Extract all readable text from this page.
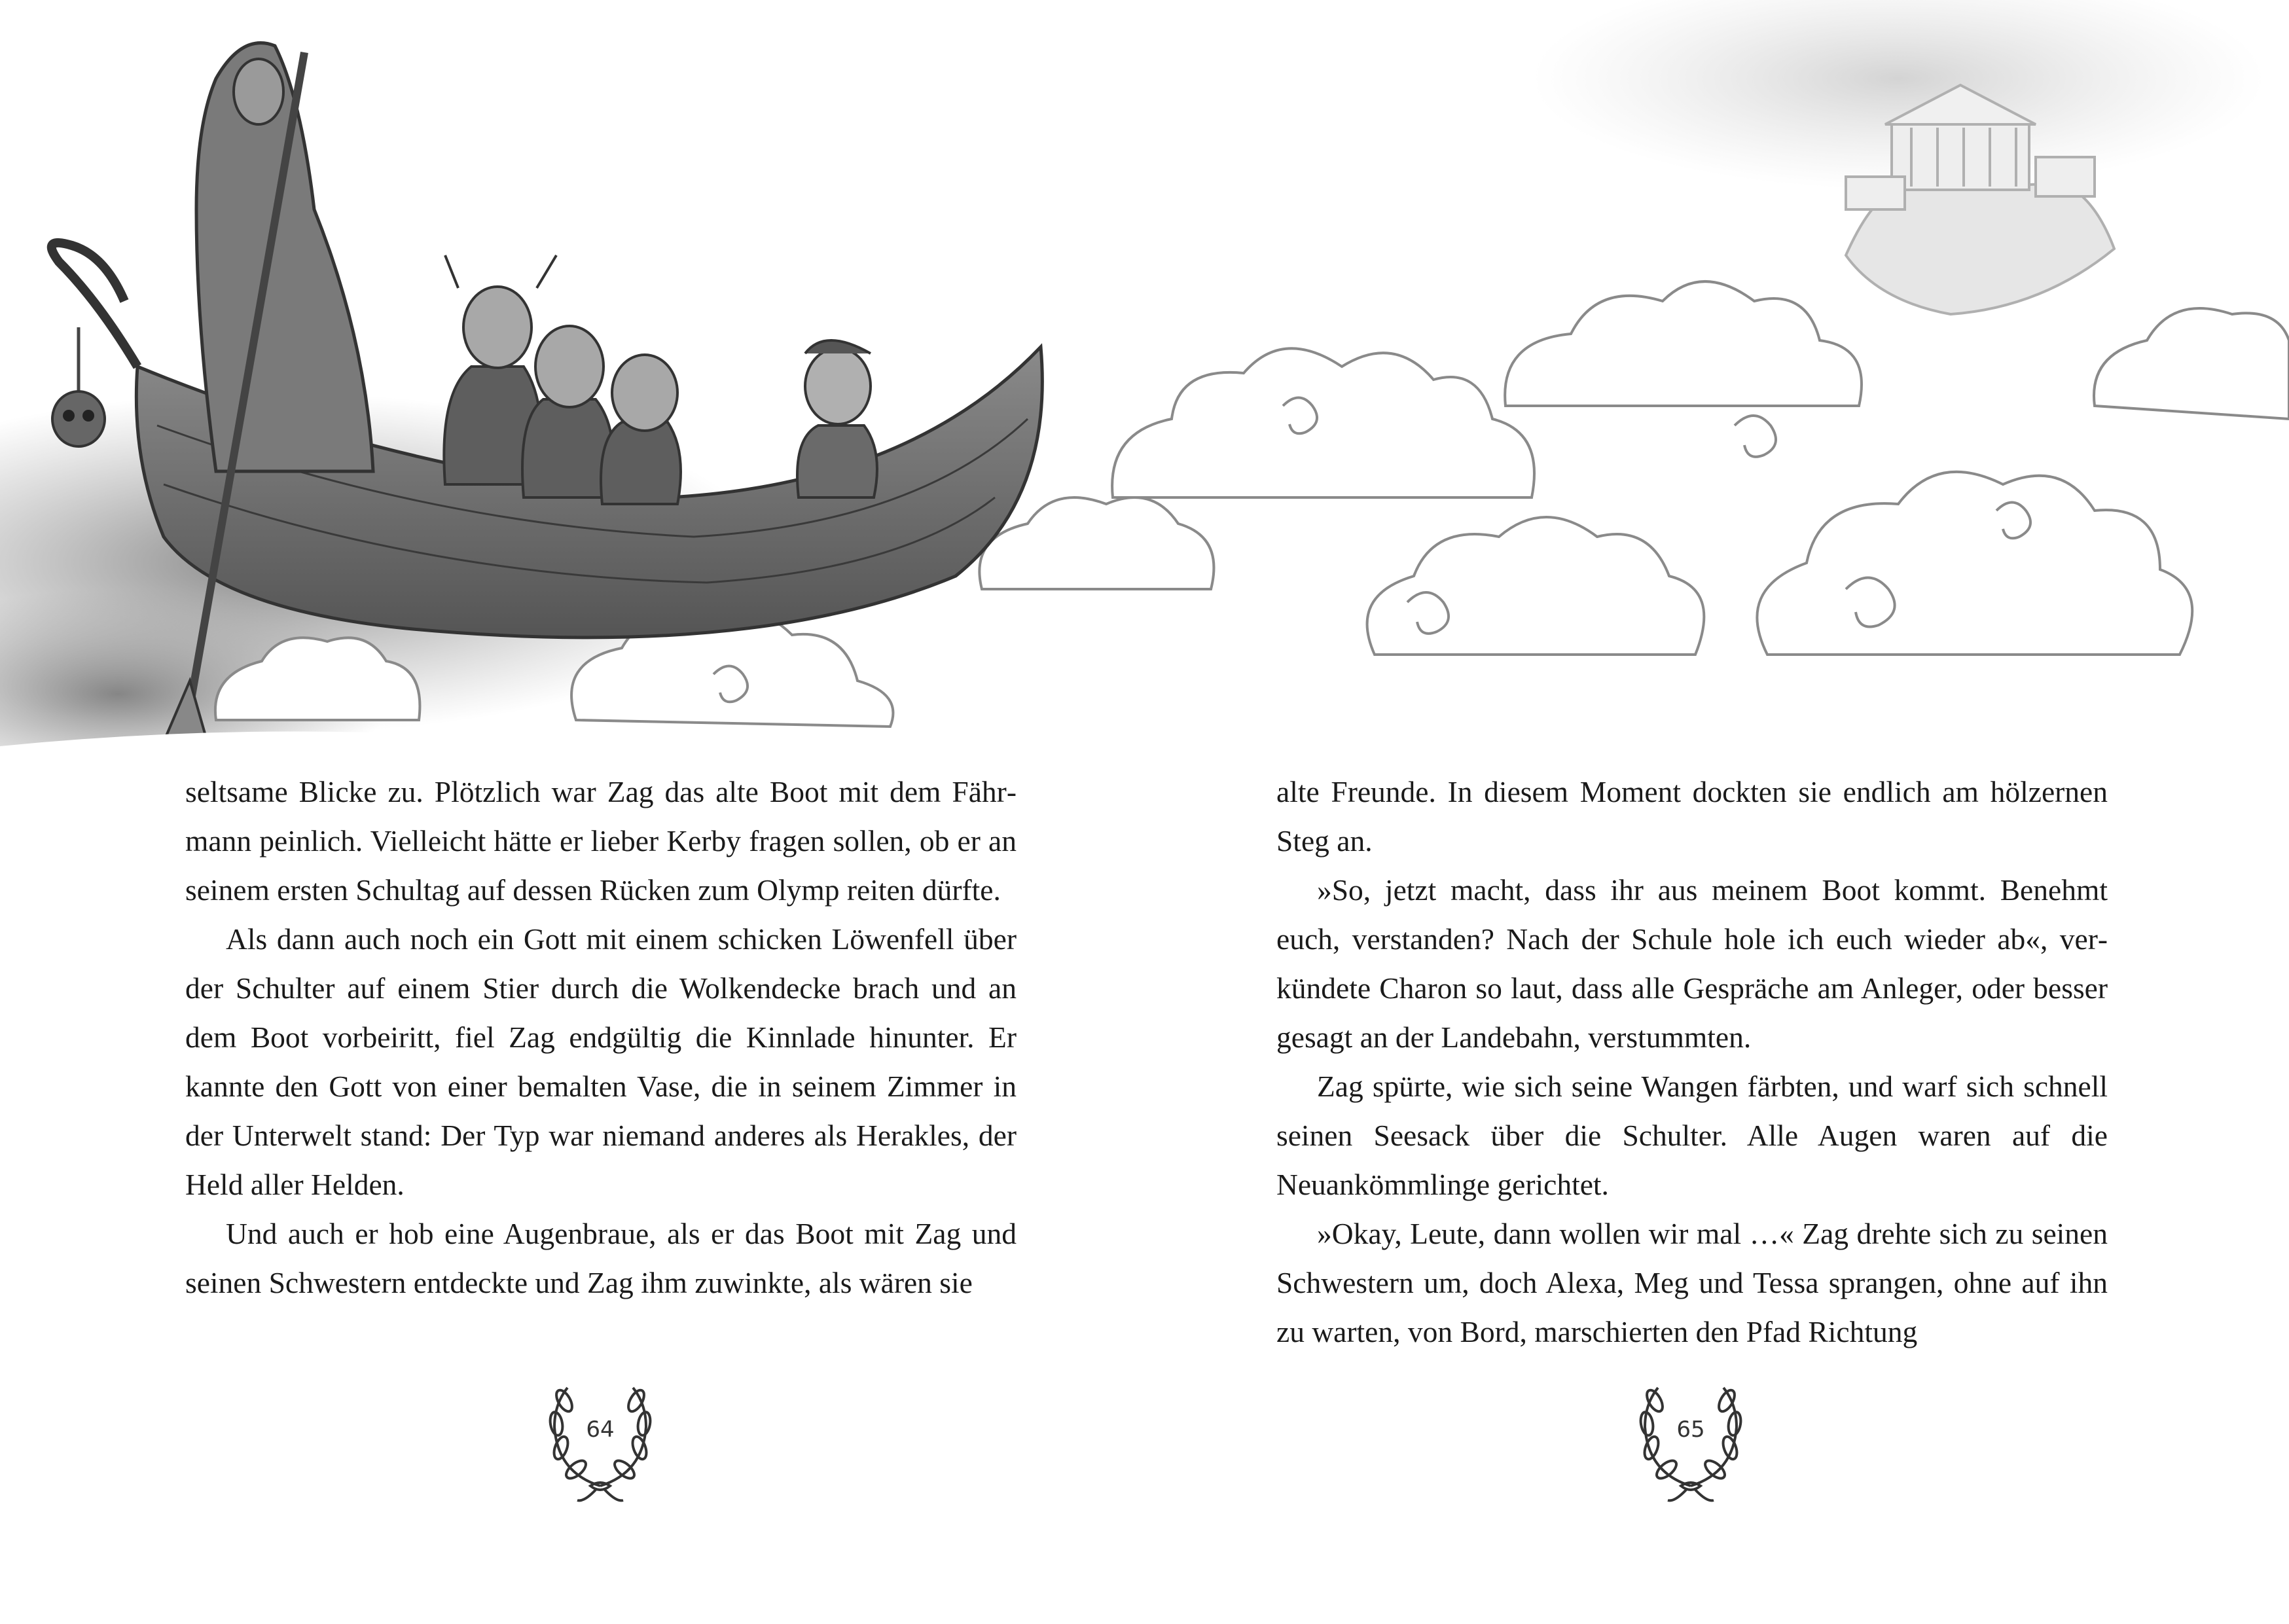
seltsame Blicke zu. Plötzlich war Zag das alte Boot mit dem Fährmann peinlich. Vielleicht hätte er lieber Kerby fragen sollen, ob er an seinem ersten Schultag auf dessen Rücken zum Olymp reiten dürfte.

Als dann auch noch ein Gott mit einem schicken Löwenfell über der Schulter auf einem Stier durch die Wolkendecke brach und an dem Boot vorbeiritt, fiel Zag endgültig die Kinnlade hinunter. Er kannte den Gott von einer bemalten Vase, die in seinem Zimmer in der Unterwelt stand: Der Typ war niemand anderes als Herakles, der Held aller Helden.

Und auch er hob eine Augenbraue, als er das Boot mit Zag und seinen Schwestern entdeckte und Zag ihm zuwinkte, als wären sie

alte Freunde. In diesem Moment dockten sie endlich am hölzernen Steg an.

»So, jetzt macht, dass ihr aus meinem Boot kommt. Benehmt euch, verstanden? Nach der Schule hole ich euch wieder ab«, verkündete Charon so laut, dass alle Gespräche am Anleger, oder besser gesagt an der Landebahn, verstummten.

Zag spürte, wie sich seine Wangen färbten, und warf sich schnell seinen Seesack über die Schulter. Alle Augen waren auf die Neuankömmlinge gerichtet.

»Okay, Leute, dann wollen wir mal …« Zag drehte sich zu seinen Schwestern um, doch Alexa, Meg und Tessa sprangen, ohne auf ihn zu warten, von Bord, marschierten den Pfad Richtung

64	65
